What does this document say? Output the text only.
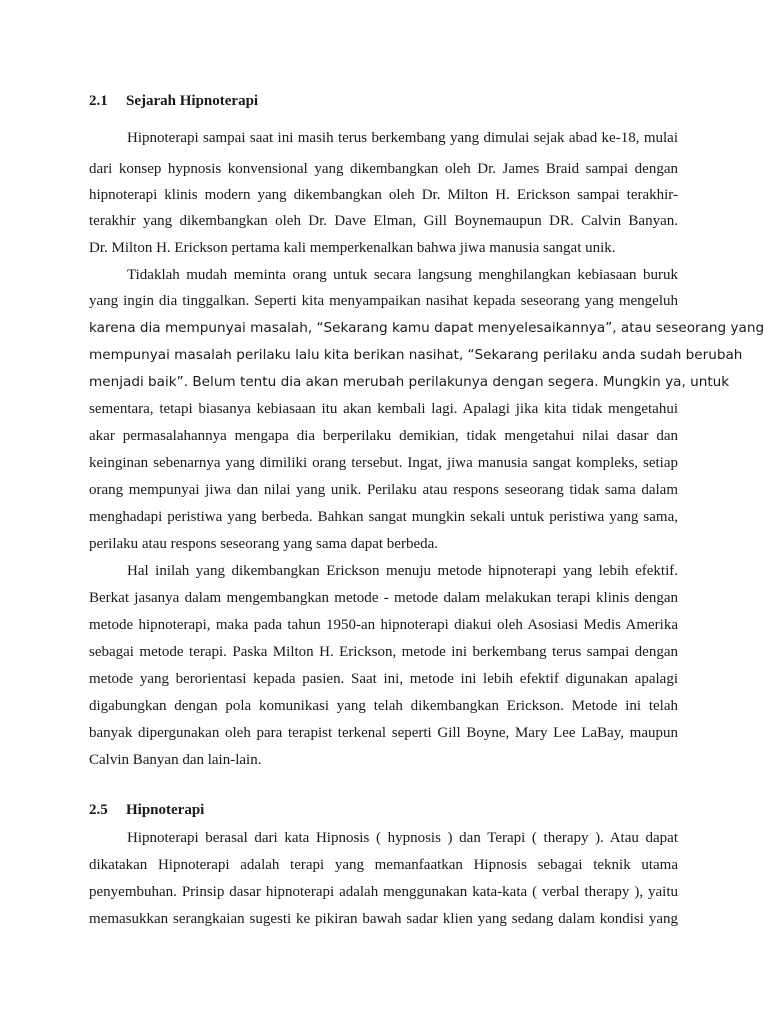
2.1 Sejarah Hipnoterapi
Hipnoterapi sampai saat ini masih terus berkembang yang dimulai sejak abad ke-18, mulai
dari konsep hypnosis konvensional yang dikembangkan oleh Dr. James Braid sampai dengan
hipnoterapi klinis modern yang dikembangkan oleh Dr. Milton H. Erickson sampai terakhir-
terakhir yang dikembangkan oleh Dr. Dave Elman, Gill Boynemaupun DR. Calvin Banyan.
Dr. Milton H. Erickson pertama kali memperkenalkan bahwa jiwa manusia sangat unik.
Tidaklah mudah meminta orang untuk secara langsung menghilangkan kebiasaan buruk
yang ingin dia tinggalkan. Seperti kita menyampaikan nasihat kepada seseorang yang mengeluh
karena dia mempunyai masalah, “Sekarang kamu dapat menyelesaikannya”, atau seseorang yang
mempunyai masalah perilaku lalu kita berikan nasihat, “Sekarang perilaku anda sudah berubah
menjadi baik”. Belum tentu dia akan merubah perilakunya dengan segera. Mungkin ya, untuk
sementara, tetapi biasanya kebiasaan itu akan kembali lagi. Apalagi jika kita tidak mengetahui
akar permasalahannya mengapa dia berperilaku demikian, tidak mengetahui nilai dasar dan
keinginan sebenarnya yang dimiliki orang tersebut. Ingat, jiwa manusia sangat kompleks, setiap
orang mempunyai jiwa dan nilai yang unik. Perilaku atau respons seseorang tidak sama dalam
menghadapi peristiwa yang berbeda. Bahkan sangat mungkin sekali untuk peristiwa yang sama,
perilaku atau respons seseorang yang sama dapat berbeda.
Hal inilah yang dikembangkan Erickson menuju metode hipnoterapi yang lebih efektif.
Berkat jasanya dalam mengembangkan metode - metode dalam melakukan terapi klinis dengan
metode hipnoterapi, maka pada tahun 1950-an hipnoterapi diakui oleh Asosiasi Medis Amerika
sebagai metode terapi. Paska Milton H. Erickson, metode ini berkembang terus sampai dengan
metode yang berorientasi kepada pasien. Saat ini, metode ini lebih efektif digunakan apalagi
digabungkan dengan pola komunikasi yang telah dikembangkan Erickson. Metode ini telah
banyak dipergunakan oleh para terapist terkenal seperti Gill Boyne, Mary Lee LaBay, maupun
Calvin Banyan dan lain-lain.
2.5 Hipnoterapi
Hipnoterapi berasal dari kata Hipnosis ( hypnosis ) dan Terapi ( therapy ). Atau dapat
dikatakan Hipnoterapi adalah terapi yang memanfaatkan Hipnosis sebagai teknik utama
penyembuhan. Prinsip dasar hipnoterapi adalah menggunakan kata-kata ( verbal therapy ), yaitu
memasukkan serangkaian sugesti ke pikiran bawah sadar klien yang sedang dalam kondisi yang
